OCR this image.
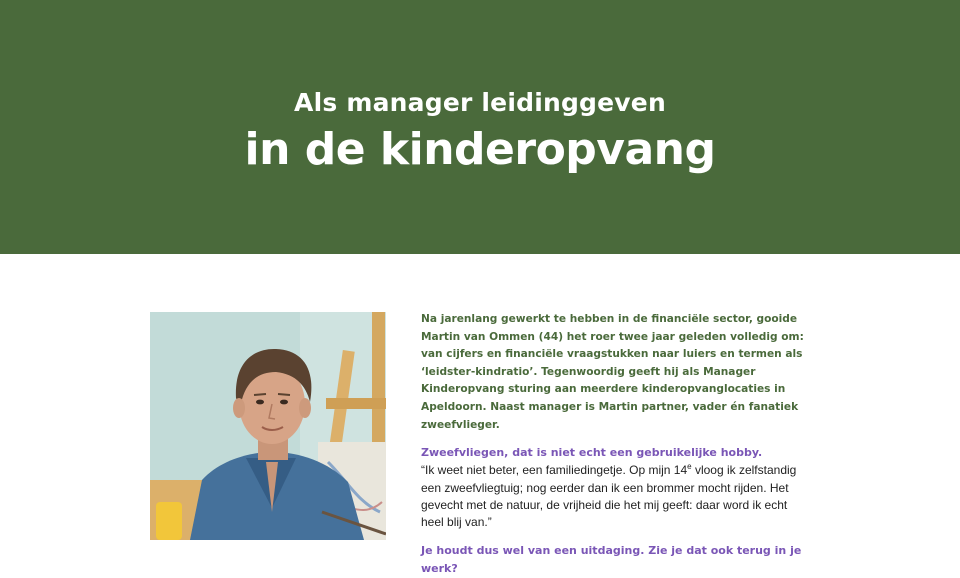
Als manager leidinggeven
in de kinderopvang

Na jarenlang gewerkt te hebben in de financiële sector, gooide Martin van Ommen (44) het roer twee jaar geleden volledig om: van cijfers en financiële vraagstukken naar luiers en termen als ‘leidster-kindratio’. Tegenwoordig geeft hij als Manager Kinderopvang sturing aan meerdere kinderopvanglocaties in Apeldoorn. Naast manager is Martin partner, vader én fanatiek zweefvlieger.

Zweefvliegen, dat is niet echt een gebruikelijke hobby.

“Ik weet niet beter, een familiedingetje. Op mijn 14e vloog ik zelfstandig een zweefvliegtuig; nog eerder dan ik een brommer mocht rijden. Het gevecht met de natuur, de vrijheid die het mij geeft: daar word ik echt heel blij van.”

Je houdt dus wel van een uitdaging. Zie je dat ook terug in je werk?
